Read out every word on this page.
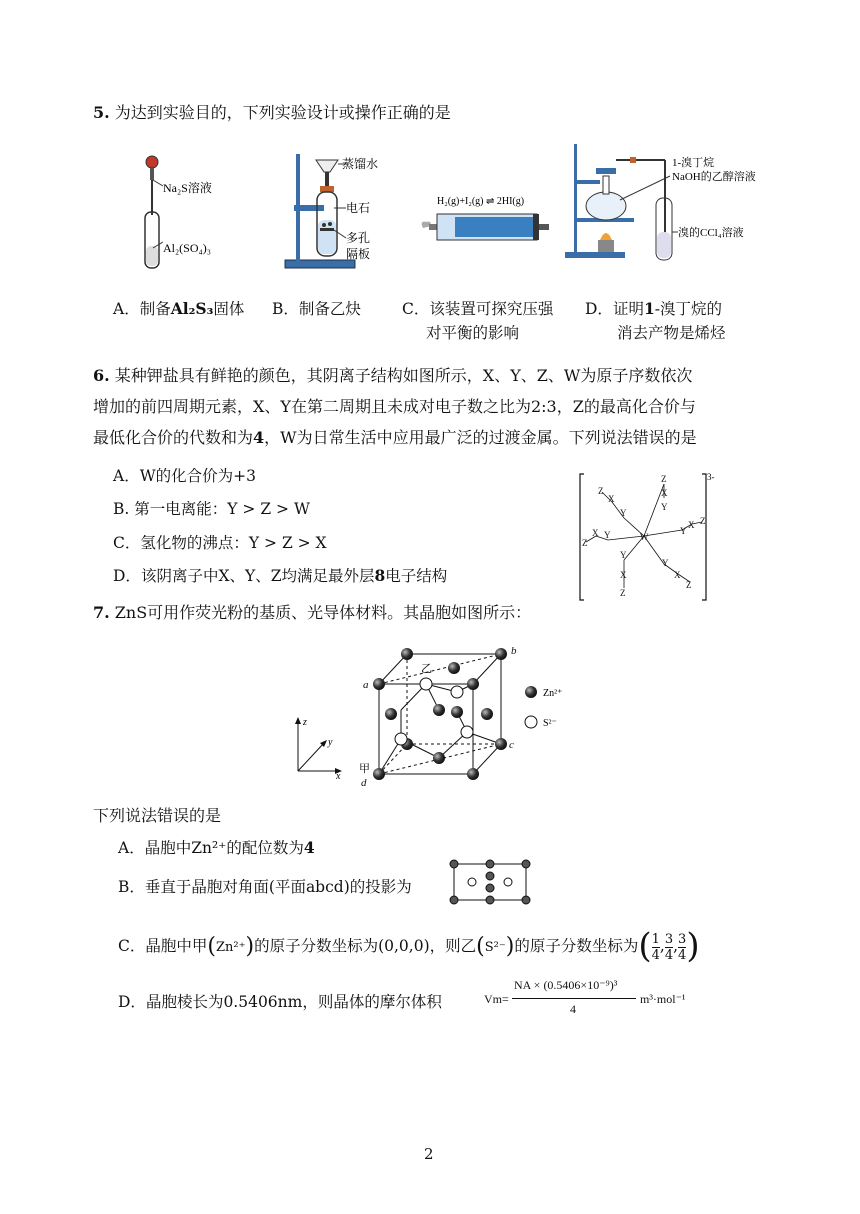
5. 为达到实验目的，下列实验设计或操作正确的是
Na₂S溶液
Al₂(SO₄)₃
蒸馏水
电石
多孔
隔板
H₂(g)+I₂(g) ⇌ 2HI(g)
1-溴丁烷
NaOH的乙醇溶液
溴的CCl₄溶液
A．制备Al₂S₃固体 B．制备乙炔	C．该装置可探究压强
对平衡的影响
D．证明1-溴丁烷的
消去产物是烯烃
6. 某种钾盐具有鲜艳的颜色，其阴离子结构如图所示，X、Y、Z、W为原子序数依次
增加的前四周期元素，X、Y在第二周期且未成对电子数之比为2:3，Z的最高化合价与
最低化合价的代数和为4，W为日常生活中应用最广泛的过渡金属。下列说法错误的是
A．W的化合价为+3
B. 第一电离能：Y > Z > W
C．氢化物的沸点：Y > Z > X
D．该阴离子中X、Y、Z均满足最外层8电子结构
3-
W
Z
X
Y
Y
X
Z
Y
X
Z
Y
X Z
Y
X
Z
Y
X
Z
7. ZnS可用作荧光粉的基质、光导体材料。其晶胞如图所示：
z
y
x
a
b
c
d
甲
乙
Zn²⁺
S²⁻
下列说法错误的是
A．晶胞中Zn²⁺的配位数为4
B．垂直于晶胞对角面(平面abcd)的投影为
C．晶胞中甲(Zn²⁺)的原子分数坐标为(0,0,0)，则乙(S²⁻)的原子分数坐标为($\frac{1}{4} ,\frac{3}{4} ,\frac{3}{4}$ )
D．晶胞棱长为0.5406nm，则晶体的摩尔体积	Vm=
NA × (0.5406×10⁻⁹)³
4
m³·mol⁻¹
2
